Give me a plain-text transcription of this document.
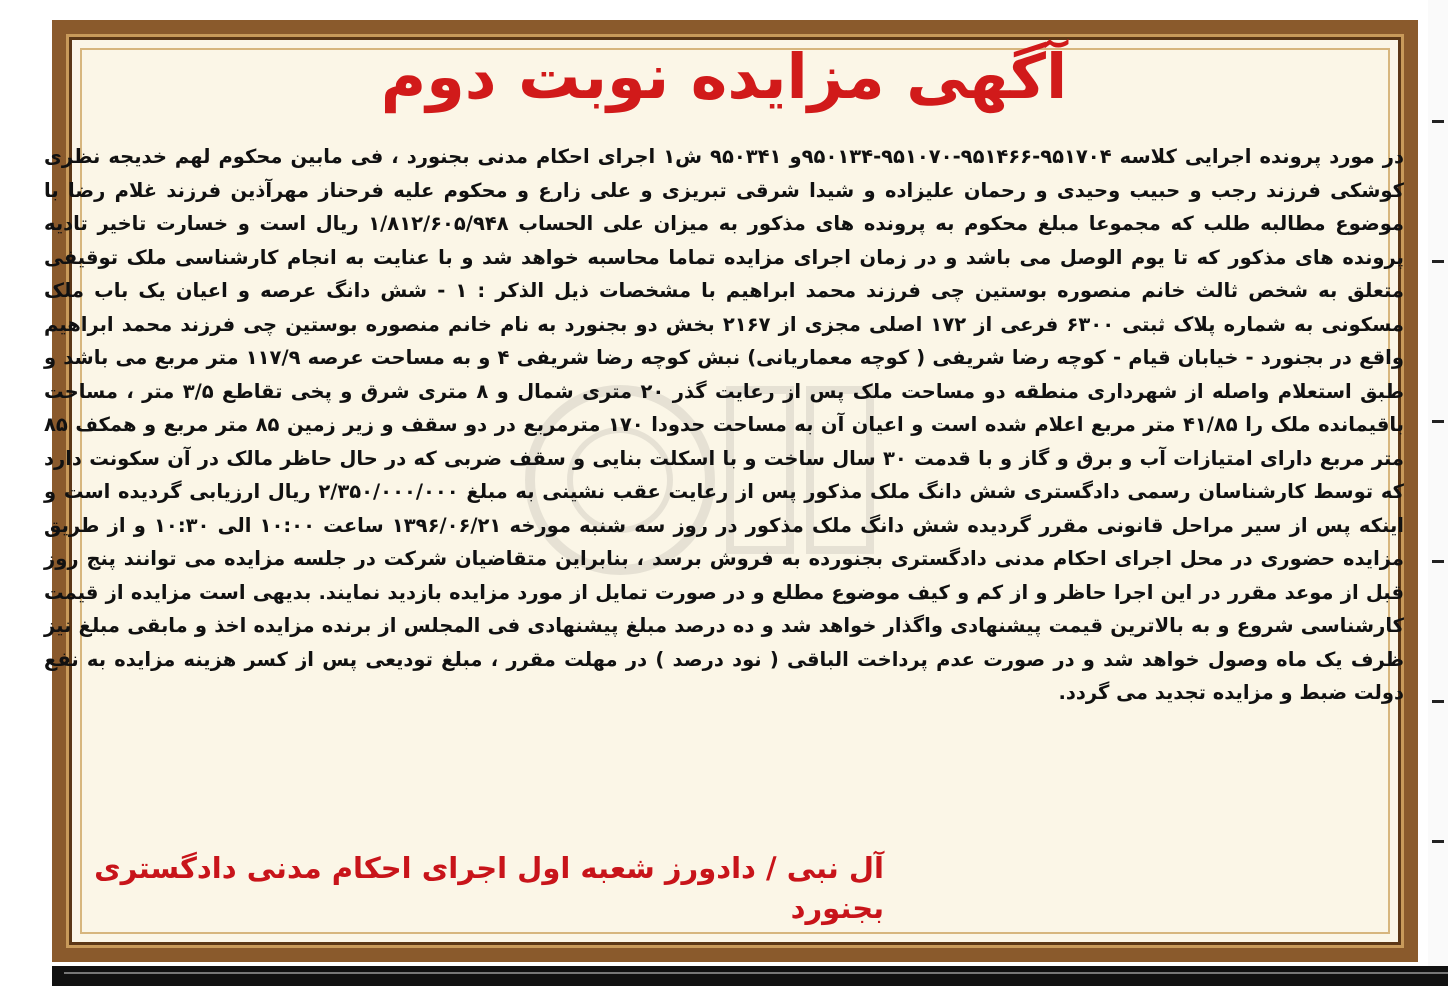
آگهی مزایده نوبت دوم
در مورد پرونده اجرایی کلاسه ۹۵۱۷۰۴-۹۵۱۴۶۶-۹۵۱۰۷۰-۹۵۰۱۳۴و ۹۵۰۳۴۱ ش۱ اجرای احکام مدنی بجنورد ، فی مابین محکوم لهم خدیجه نظری کوشکی فرزند رجب و حبیب وحیدی و رحمان علیزاده و شیدا شرقی تبریزی و علی زارع و محکوم علیه فرحناز مهرآذین فرزند غلام رضا با موضوع مطالبه طلب که مجموعا مبلغ محکوم به پرونده های مذکور به میزان علی الحساب ۱/۸۱۲/۶۰۵/۹۴۸ ریال است و خسارت تاخیر تادیه پرونده های مذکور که تا یوم الوصل می باشد و در زمان اجرای مزایده تماما محاسبه خواهد شد و با عنایت به انجام کارشناسی ملک توقیفی متعلق به شخص ثالث خانم منصوره بوستین چی فرزند محمد ابراهیم با مشخصات ذیل الذکر : ۱ - شش دانگ عرصه و اعیان یک باب ملک مسکونی به شماره پلاک ثبتی ۶۳۰۰ فرعی از ۱۷۲ اصلی مجزی از ۲۱۶۷ بخش دو بجنورد به نام خانم منصوره بوستین چی فرزند محمد ابراهیم واقع در بجنورد - خیابان قیام - کوچه رضا شریفی ( کوچه معماریانی) نبش کوچه رضا شریفی ۴ و به مساحت عرصه ۱۱۷/۹ متر مربع می باشد و طبق استعلام واصله از شهرداری منطقه دو مساحت ملک پس از رعایت گذر ۲۰ متری شمال و ۸ متری شرق و پخی تقاطع ۳/۵ متر ، مساحت باقیمانده ملک را ۴۱/۸۵ متر مربع اعلام شده است و اعیان آن به مساحت حدودا ۱۷۰ مترمربع در دو سقف و زیر زمین ۸۵ متر مربع و همکف ۸۵ متر مربع دارای امتیازات آب و برق و گاز و با قدمت ۳۰ سال ساخت و با اسکلت بنایی و سقف ضربی که در حال حاظر مالک در آن سکونت دارد که توسط کارشناسان رسمی دادگستری شش دانگ ملک مذکور پس از رعایت عقب نشینی به مبلغ ۲/۳۵۰/۰۰۰/۰۰۰ ریال ارزیابی گردیده است و اینکه پس از سیر مراحل قانونی مقرر گردیده شش دانگ ملک مذکور در روز سه شنبه مورخه ۱۳۹۶/۰۶/۲۱ ساعت ۱۰:۰۰ الی ۱۰:۳۰ و از طریق مزایده حضوری در محل اجرای احکام مدنی دادگستری بجنورده به فروش برسد ، بنابراین متقاضیان شرکت در جلسه مزایده می توانند پنج روز قبل از موعد مقرر در این اجرا حاظر و از کم و کیف موضوع مطلع و در صورت تمایل از مورد مزایده بازدید نمایند. بدیهی است مزایده از قیمت کارشناسی شروع و به بالاترین قیمت پیشنهادی واگذار خواهد شد و ده درصد مبلغ پیشنهادی فی المجلس از برنده مزایده اخذ و مابقی مبلغ نیز ظرف یک ماه وصول خواهد شد و در صورت عدم پرداخت الباقی ( نود درصد ) در مهلت مقرر ، مبلغ تودیعی پس از کسر هزینه مزایده به نفع دولت ضبط و مزایده تجدید می گردد.
آل نبی / دادورز شعبه اول اجرای احکام مدنی دادگستری بجنورد
